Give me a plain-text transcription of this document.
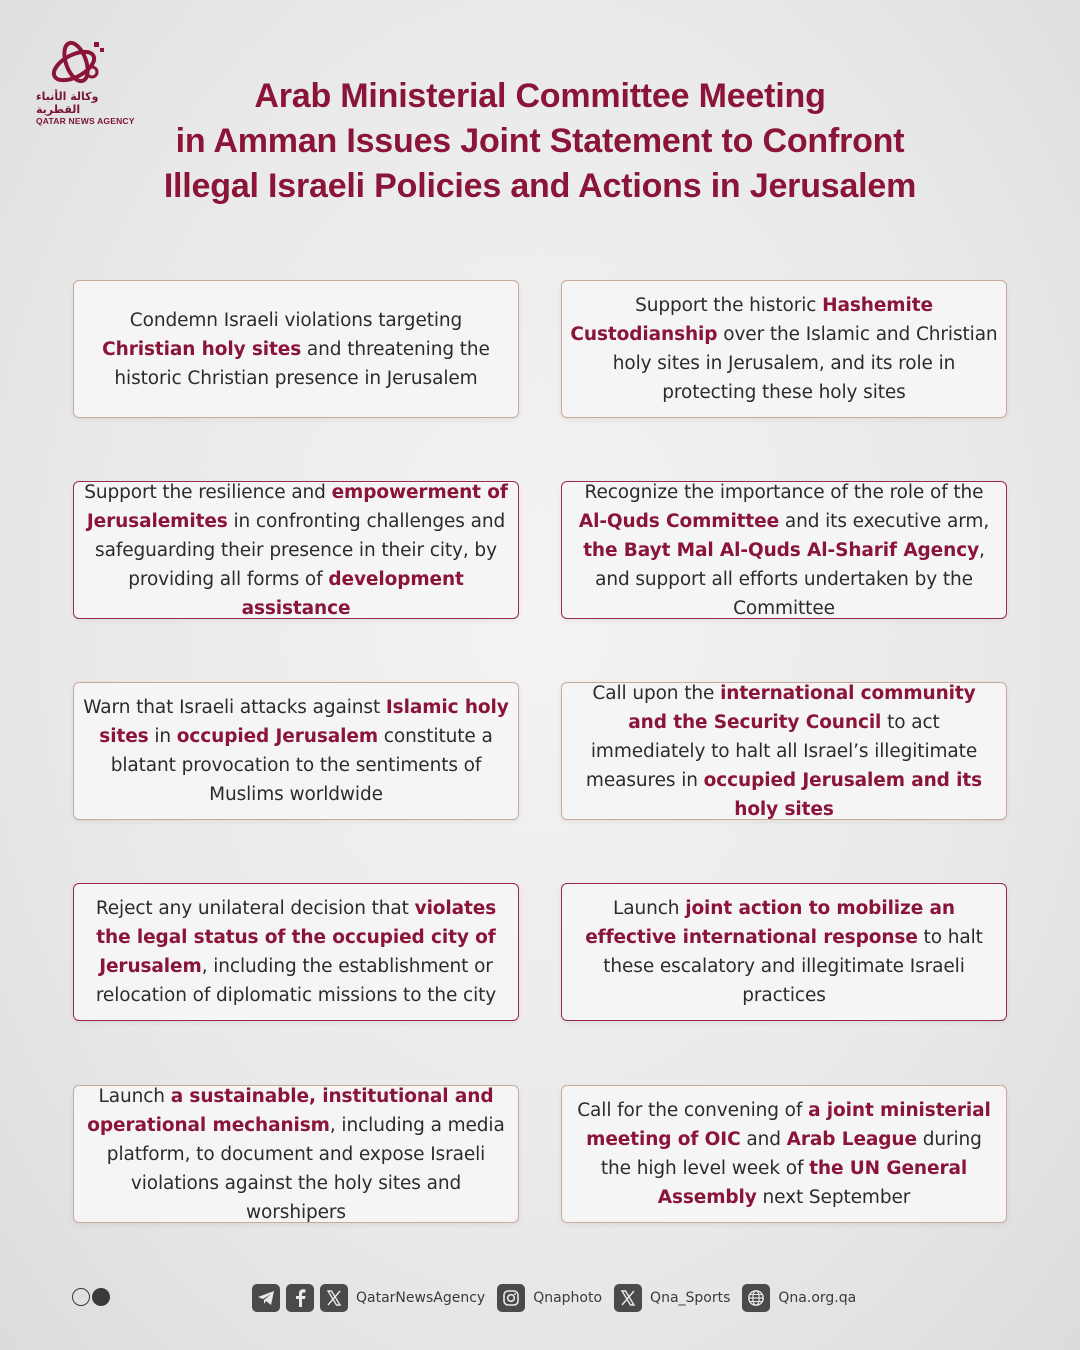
وكالة الأنباء القطرية
QATAR NEWS AGENCY
Arab Ministerial Committee Meeting
in Amman Issues Joint Statement to Confront
Illegal Israeli Policies and Actions in Jerusalem
Condemn Israeli violations targeting Christian holy sites and threatening the historic Christian presence in Jerusalem
Support the historic Hashemite Custodianship over the Islamic and Christian holy sites in Jerusalem, and its role in protecting these holy sites
Support the resilience and empowerment of Jerusalemites in confronting challenges and safeguarding their presence in their city, by providing all forms of development assistance
Recognize the importance of the role of the Al-Quds Committee and its executive arm, the Bayt Mal Al-Quds Al-Sharif Agency, and support all efforts undertaken by the Committee
Warn that Israeli attacks against Islamic holy sites in occupied Jerusalem constitute a blatant provocation to the sentiments of Muslims worldwide
Call upon the international community and the Security Council to act immediately to halt all Israel’s illegitimate measures in occupied Jerusalem and its holy sites
Reject any unilateral decision that violates the legal status of the occupied city of Jerusalem, including the establishment or relocation of diplomatic missions to the city
Launch joint action to mobilize an effective international response to halt these escalatory and illegitimate Israeli practices
Launch a sustainable, institutional and operational mechanism, including a media platform, to document and expose Israeli violations against the holy sites and worshipers
Call for the convening of a joint ministerial meeting of OIC and Arab League during the high level week of the UN General Assembly next September
QatarNewsAgency	Qnaphoto	Qna_Sports	Qna.org.qa
